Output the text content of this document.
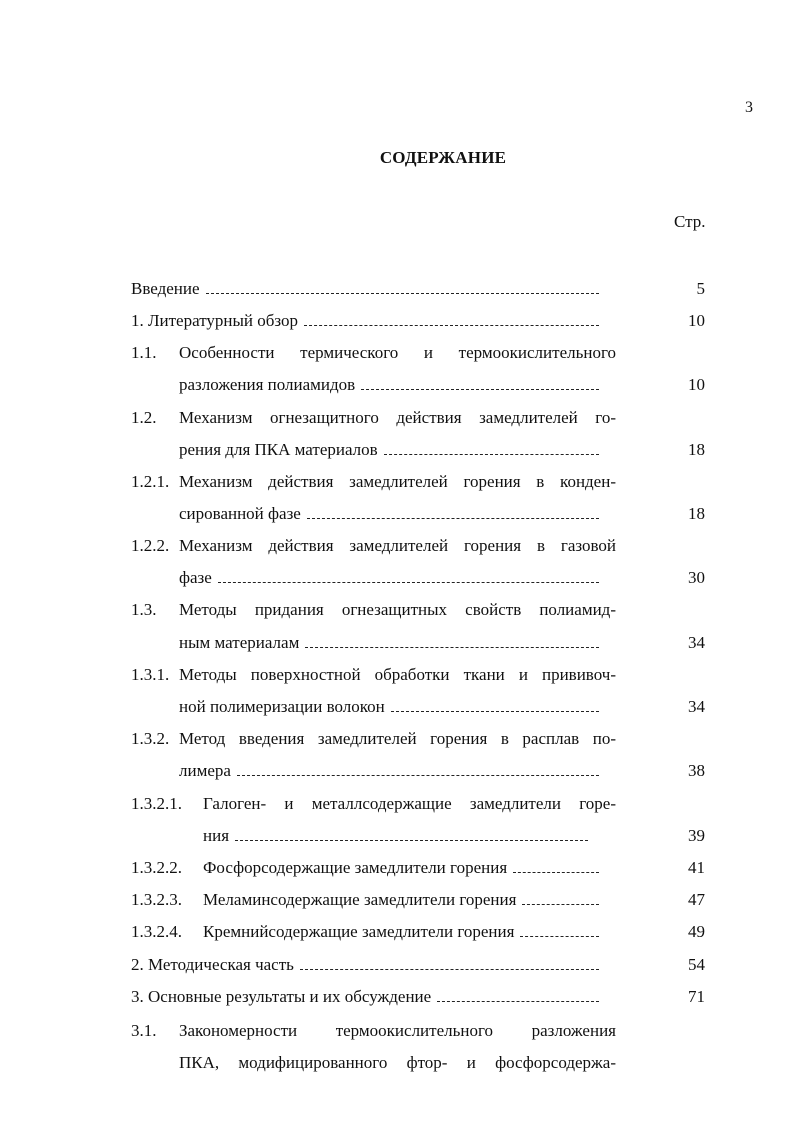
3
СОДЕРЖАНИЕ
Стр.
Введение	5
1. Литературный обзор	10
1.1. Особенности термического и термоокислительного
разложения полиамидов	10
1.2. Механизм огнезащитного действия замедлителей го-
рения для ПКА материалов	18
1.2.1. Механизм действия замедлителей горения в конден-
сированной фазе	18
1.2.2. Механизм действия замедлителей горения в газовой
фазе	30
1.3. Методы придания огнезащитных свойств полиамид-
ным материалам	34
1.3.1. Методы поверхностной обработки ткани и прививоч-
ной полимеризации волокон	34
1.3.2. Метод введения замедлителей горения в расплав по-
лимера	38
1.3.2.1. Галоген- и металлсодержащие замедлители горе-
ния	39
1.3.2.2. Фосфорсодержащие замедлители горения	41
1.3.2.3. Меламинсодержащие замедлители горения	47
1.3.2.4. Кремнийсодержащие замедлители горения	49
2. Методическая часть	54
3. Основные результаты и их обсуждение	71
3.1. Закономерности термоокислительного разложения
ПКА, модифицированного фтор- и фосфорсодержа-
